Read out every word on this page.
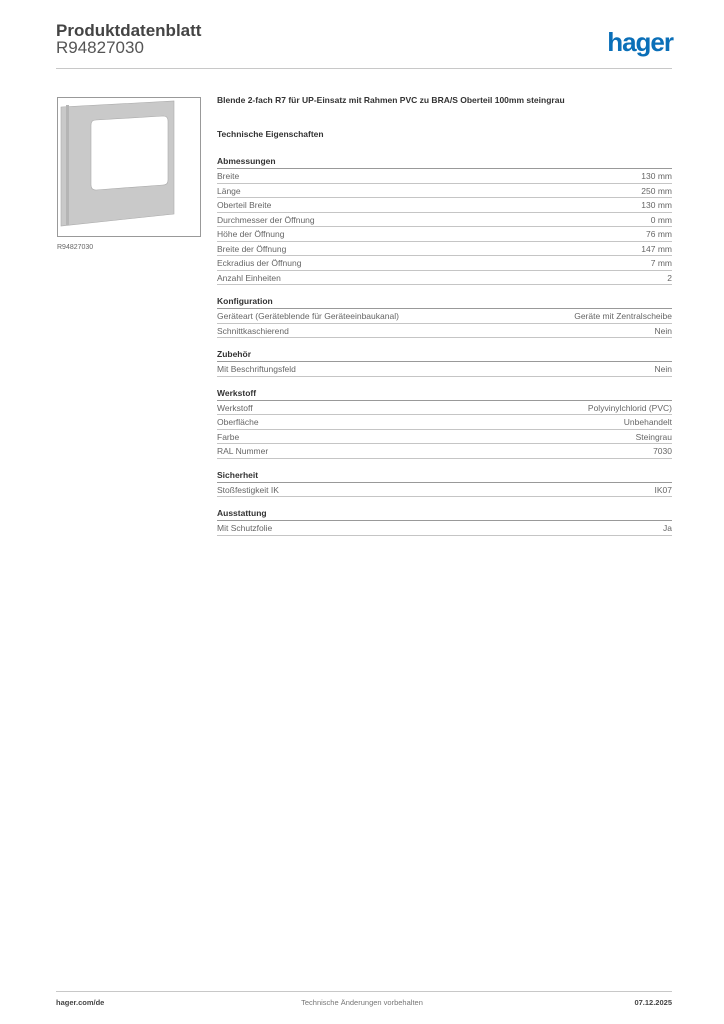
Produktdatenblatt
R94827030	hager
R94827030
Blende 2-fach R7 für UP-Einsatz mit Rahmen PVC zu BRA/S Oberteil 100mm steingrau
Technische Eigenschaften
Abmessungen
Breite	130 mm
Länge	250 mm
Oberteil Breite	130 mm
Durchmesser der Öffnung	0 mm
Höhe der Öffnung	76 mm
Breite der Öffnung	147 mm
Eckradius der Öffnung	7 mm
Anzahl Einheiten	2
Konfiguration
Geräteart (Geräteblende für Geräteeinbaukanal)	Geräte mit Zentralscheibe
Schnittkaschierend	Nein
Zubehör
Mit Beschriftungsfeld	Nein
Werkstoff
Werkstoff	Polyvinylchlorid (PVC)
Oberfläche	Unbehandelt
Farbe	Steingrau
RAL Nummer	7030
Sicherheit
Stoßfestigkeit IK	IK07
Ausstattung
Mit Schutzfolie	Ja
hager.com/de	Technische Änderungen vorbehalten	07.12.2025
